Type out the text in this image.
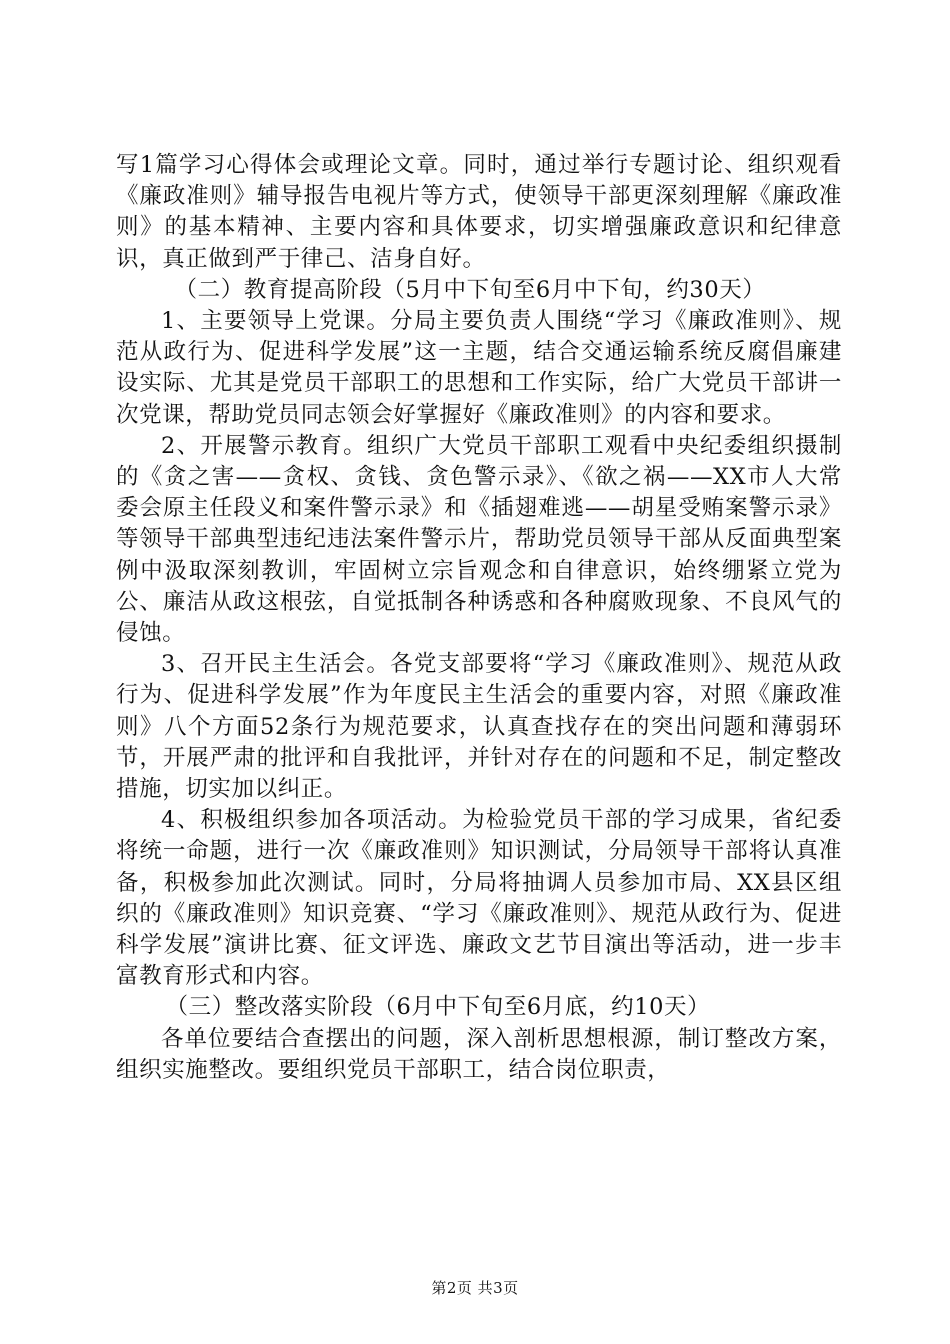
写1篇学习心得体会或理论文章。同时，通过举行专题讨论、组织观看《廉政准则》辅导报告电视片等方式，使领导干部更深刻理解《廉政准则》的基本精神、主要内容和具体要求，切实增强廉政意识和纪律意识，真正做到严于律己、洁身自好。

（二）教育提高阶段（5月中下旬至6月中下旬，约30天）

1、主要领导上党课。分局主要负责人围绕“学习《廉政准则》、规范从政行为、促进科学发展”这一主题，结合交通运输系统反腐倡廉建设实际、尤其是党员干部职工的思想和工作实际，给广大党员干部讲一次党课，帮助党员同志领会好掌握好《廉政准则》的内容和要求。

2、开展警示教育。组织广大党员干部职工观看中央纪委组织摄制的《贪之害——贪权、贪钱、贪色警示录》、《欲之祸——XX市人大常委会原主任段义和案件警示录》和《插翅难逃——胡星受贿案警示录》等领导干部典型违纪违法案件警示片，帮助党员领导干部从反面典型案例中汲取深刻教训，牢固树立宗旨观念和自律意识，始终绷紧立党为公、廉洁从政这根弦，自觉抵制各种诱惑和各种腐败现象、不良风气的侵蚀。

3、召开民主生活会。各党支部要将“学习《廉政准则》、规范从政行为、促进科学发展”作为年度民主生活会的重要内容，对照《廉政准则》八个方面52条行为规范要求，认真查找存在的突出问题和薄弱环节，开展严肃的批评和自我批评，并针对存在的问题和不足，制定整改措施，切实加以纠正。

4、积极组织参加各项活动。为检验党员干部的学习成果，省纪委将统一命题，进行一次《廉政准则》知识测试，分局领导干部将认真准备，积极参加此次测试。同时，分局将抽调人员参加市局、XX县区组织的《廉政准则》知识竞赛、“学习《廉政准则》、规范从政行为、促进科学发展”演讲比赛、征文评选、廉政文艺节目演出等活动，进一步丰富教育形式和内容。

（三）整改落实阶段（6月中下旬至6月底，约10天）

各单位要结合查摆出的问题，深入剖析思想根源，制订整改方案，组织实施整改。要组织党员干部职工，结合岗位职责，

第2页 共3页
